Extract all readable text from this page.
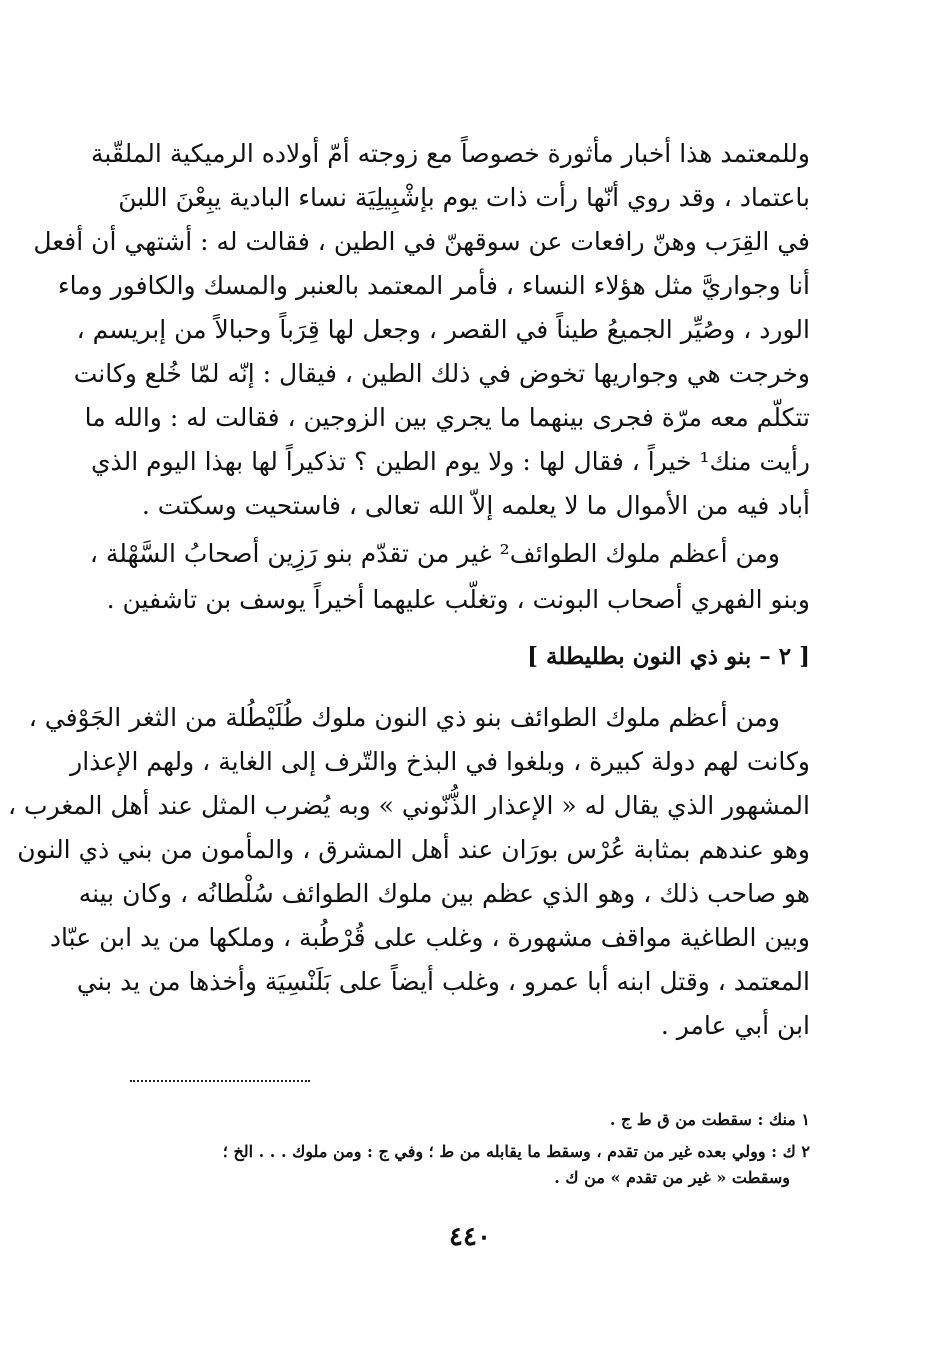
وللمعتمد هذا أخبار مأثورة خصوصاً مع زوجته أمّ أولاده الرميكية الملقّبة
باعتماد ، وقد روي أنّها رأت ذات يوم بإشْبِيلِيَة نساء البادية يبِعْنَ اللبنَ
في القِرَب وهنّ رافعات عن سوقهنّ في الطين ، فقالت له : أشتهي أن أفعل
أنا وجواريَّ مثل هؤلاء النساء ، فأمر المعتمد بالعنبر والمسك والكافور وماء
الورد ، وصُيِّر الجميعُ طيناً في القصر ، وجعل لها قِرَباً وحبالاً من إبريسم ،
وخرجت هي وجواريها تخوض في ذلك الطين ، فيقال : إنّه لمّا خُلع وكانت
تتكلّم معه مرّة فجرى بينهما ما يجري بين الزوجين ، فقالت له : والله ما
رأيت منك¹ خيراً ، فقال لها : ولا يوم الطين ؟ تذكيراً لها بهذا اليوم الذي
أباد فيه من الأموال ما لا يعلمه إلاّ الله تعالى ، فاستحيت وسكتت .
ومن أعظم ملوك الطوائف² غير من تقدّم بنو رَزِين أصحابُ السَّهْلة ،
وبنو الفهري أصحاب البونت ، وتغلّب عليهما أخيراً يوسف بن تاشفين .
[ ٢ – بنو ذي النون بطليطلة ]
ومن أعظم ملوك الطوائف بنو ذي النون ملوك طُلَيْطُلة من الثغر الجَوْفي ،
وكانت لهم دولة كبيرة ، وبلغوا في البذخ والتّرف إلى الغاية ، ولهم الإعذار
المشهور الذي يقال له « الإعذار الذُّنّوني » وبه يُضرب المثل عند أهل المغرب ،
وهو عندهم بمثابة عُرْس بورَان عند أهل المشرق ، والمأمون من بني ذي النون
هو صاحب ذلك ، وهو الذي عظم بين ملوك الطوائف سُلْطانُه ، وكان بينه
وبين الطاغية مواقف مشهورة ، وغلب على قُرْطُبة ، وملكها من يد ابن عبّاد
المعتمد ، وقتل ابنه أبا عمرو ، وغلب أيضاً على بَلَنْسِيَة وأخذها من يد بني
ابن أبي عامر .
١ منك : سقطت من ق ط ج .
٢ ك : وولي بعده غير من تقدم ، وسقط ما يقابله من ط ؛ وفي ج : ومن ملوك . . . الخ ؛
وسقطت « غير من تقدم » من ك .
٤٤٠
